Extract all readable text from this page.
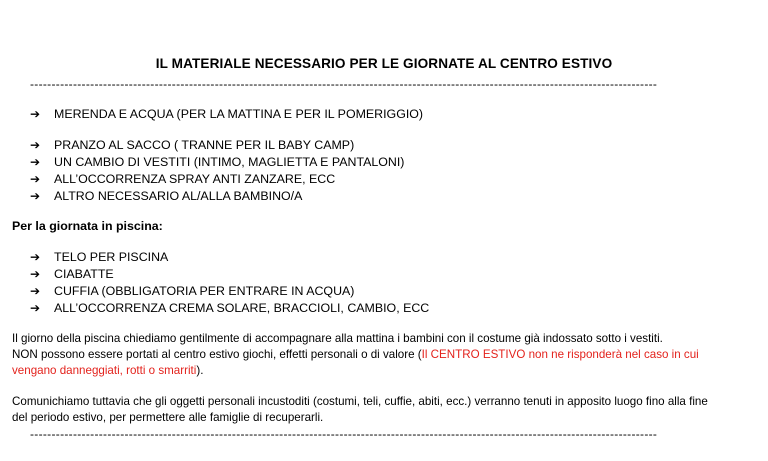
IL MATERIALE NECESSARIO PER LE GIORNATE AL CENTRO ESTIVO
--------------------------------------------------------------------------------------------------------------------------------------------------
➔ MERENDA E ACQUA (PER LA MATTINA E PER IL POMERIGGIO)
➔ PRANZO AL SACCO ( TRANNE PER IL BABY CAMP)
➔ UN CAMBIO DI VESTITI (INTIMO, MAGLIETTA E PANTALONI)
➔ ALL’OCCORRENZA SPRAY ANTI ZANZARE, ECC
➔ ALTRO NECESSARIO AL/ALLA BAMBINO/A
Per la giornata in piscina:
➔ TELO PER PISCINA
➔ CIABATTE
➔ CUFFIA (OBBLIGATORIA PER ENTRARE IN ACQUA)
➔ ALL’OCCORRENZA CREMA SOLARE, BRACCIOLI, CAMBIO, ECC

Il giorno della piscina chiediamo gentilmente di accompagnare alla mattina i bambini con il costume già indossato sotto i vestiti.

NON possono essere portati al centro estivo giochi, effetti personali o di valore (Il CENTRO ESTIVO non ne risponderà nel caso in cui

vengano danneggiati, rotti o smarriti).

Comunichiamo tuttavia che gli oggetti personali incustoditi (costumi, teli, cuffie, abiti, ecc.) verranno tenuti in apposito luogo fino alla fine

del periodo estivo, per permettere alle famiglie di recuperarli.

--------------------------------------------------------------------------------------------------------------------------------------------------
